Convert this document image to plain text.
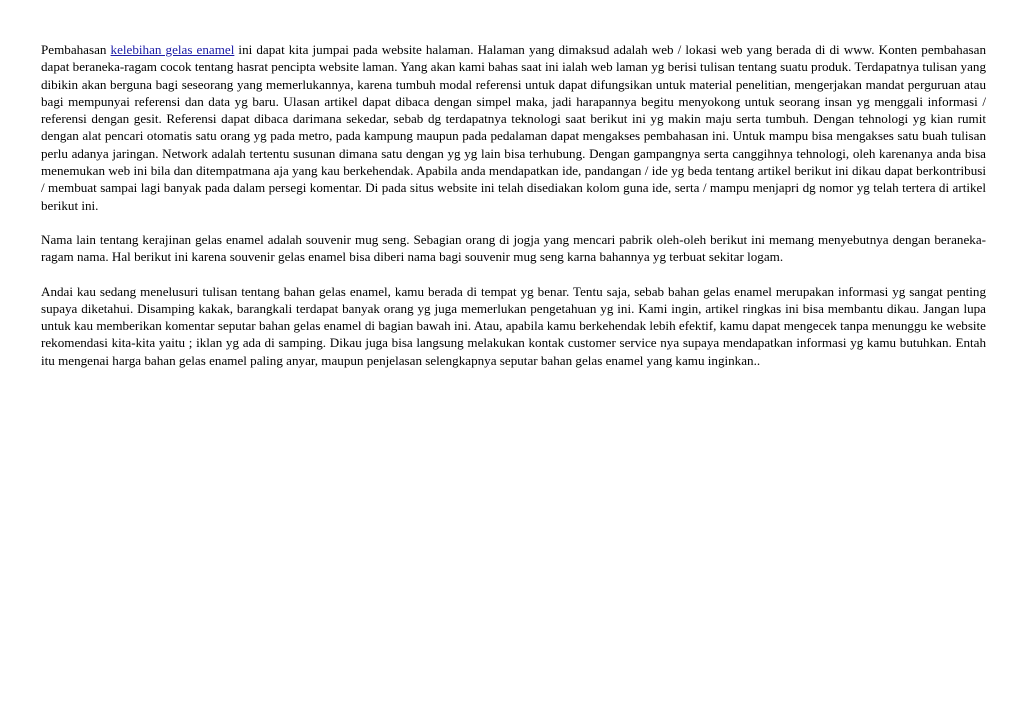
Pembahasan kelebihan gelas enamel ini dapat kita jumpai pada website halaman. Halaman yang dimaksud adalah web / lokasi web yang berada di di www. Konten pembahasan dapat beraneka-ragam cocok tentang hasrat pencipta website laman. Yang akan kami bahas saat ini ialah web laman yg berisi tulisan tentang suatu produk. Terdapatnya tulisan yang dibikin akan berguna bagi seseorang yang memerlukannya, karena tumbuh modal referensi untuk dapat difungsikan untuk material penelitian, mengerjakan mandat perguruan atau bagi mempunyai referensi dan data yg baru. Ulasan artikel dapat dibaca dengan simpel maka, jadi harapannya begitu menyokong untuk seorang insan yg menggali informasi / referensi dengan gesit. Referensi dapat dibaca darimana sekedar, sebab dg terdapatnya teknologi saat berikut ini yg makin maju serta tumbuh. Dengan tehnologi yg kian rumit dengan alat pencari otomatis satu orang yg pada metro, pada kampung maupun pada pedalaman dapat mengakses pembahasan ini. Untuk mampu bisa mengakses satu buah tulisan perlu adanya jaringan. Network adalah tertentu susunan dimana satu dengan yg yg lain bisa terhubung. Dengan gampangnya serta canggihnya tehnologi, oleh karenanya anda bisa menemukan web ini bila dan ditempatmana aja yang kau berkehendak. Apabila anda mendapatkan ide, pandangan / ide yg beda tentang artikel berikut ini dikau dapat berkontribusi / membuat sampai lagi banyak pada dalam persegi komentar. Di pada situs website ini telah disediakan kolom guna ide, serta / mampu menjapri dg nomor yg telah tertera di artikel berikut ini.

Nama lain tentang kerajinan gelas enamel adalah souvenir mug seng. Sebagian orang di jogja yang mencari pabrik oleh-oleh berikut ini memang menyebutnya dengan beraneka-ragam nama. Hal berikut ini karena souvenir gelas enamel bisa diberi nama bagi souvenir mug seng karna bahannya yg terbuat sekitar logam.

Andai kau sedang menelusuri tulisan tentang bahan gelas enamel, kamu berada di tempat yg benar. Tentu saja, sebab bahan gelas enamel merupakan informasi yg sangat penting supaya diketahui. Disamping kakak, barangkali terdapat banyak orang yg juga memerlukan pengetahuan yg ini. Kami ingin, artikel ringkas ini bisa membantu dikau. Jangan lupa untuk kau memberikan komentar seputar bahan gelas enamel di bagian bawah ini. Atau, apabila kamu berkehendak lebih efektif, kamu dapat mengecek tanpa menunggu ke website rekomendasi kita-kita yaitu ; iklan yg ada di samping. Dikau juga bisa langsung melakukan kontak customer service nya supaya mendapatkan informasi yg kamu butuhkan. Entah itu mengenai harga bahan gelas enamel paling anyar, maupun penjelasan selengkapnya seputar bahan gelas enamel yang kamu inginkan..
